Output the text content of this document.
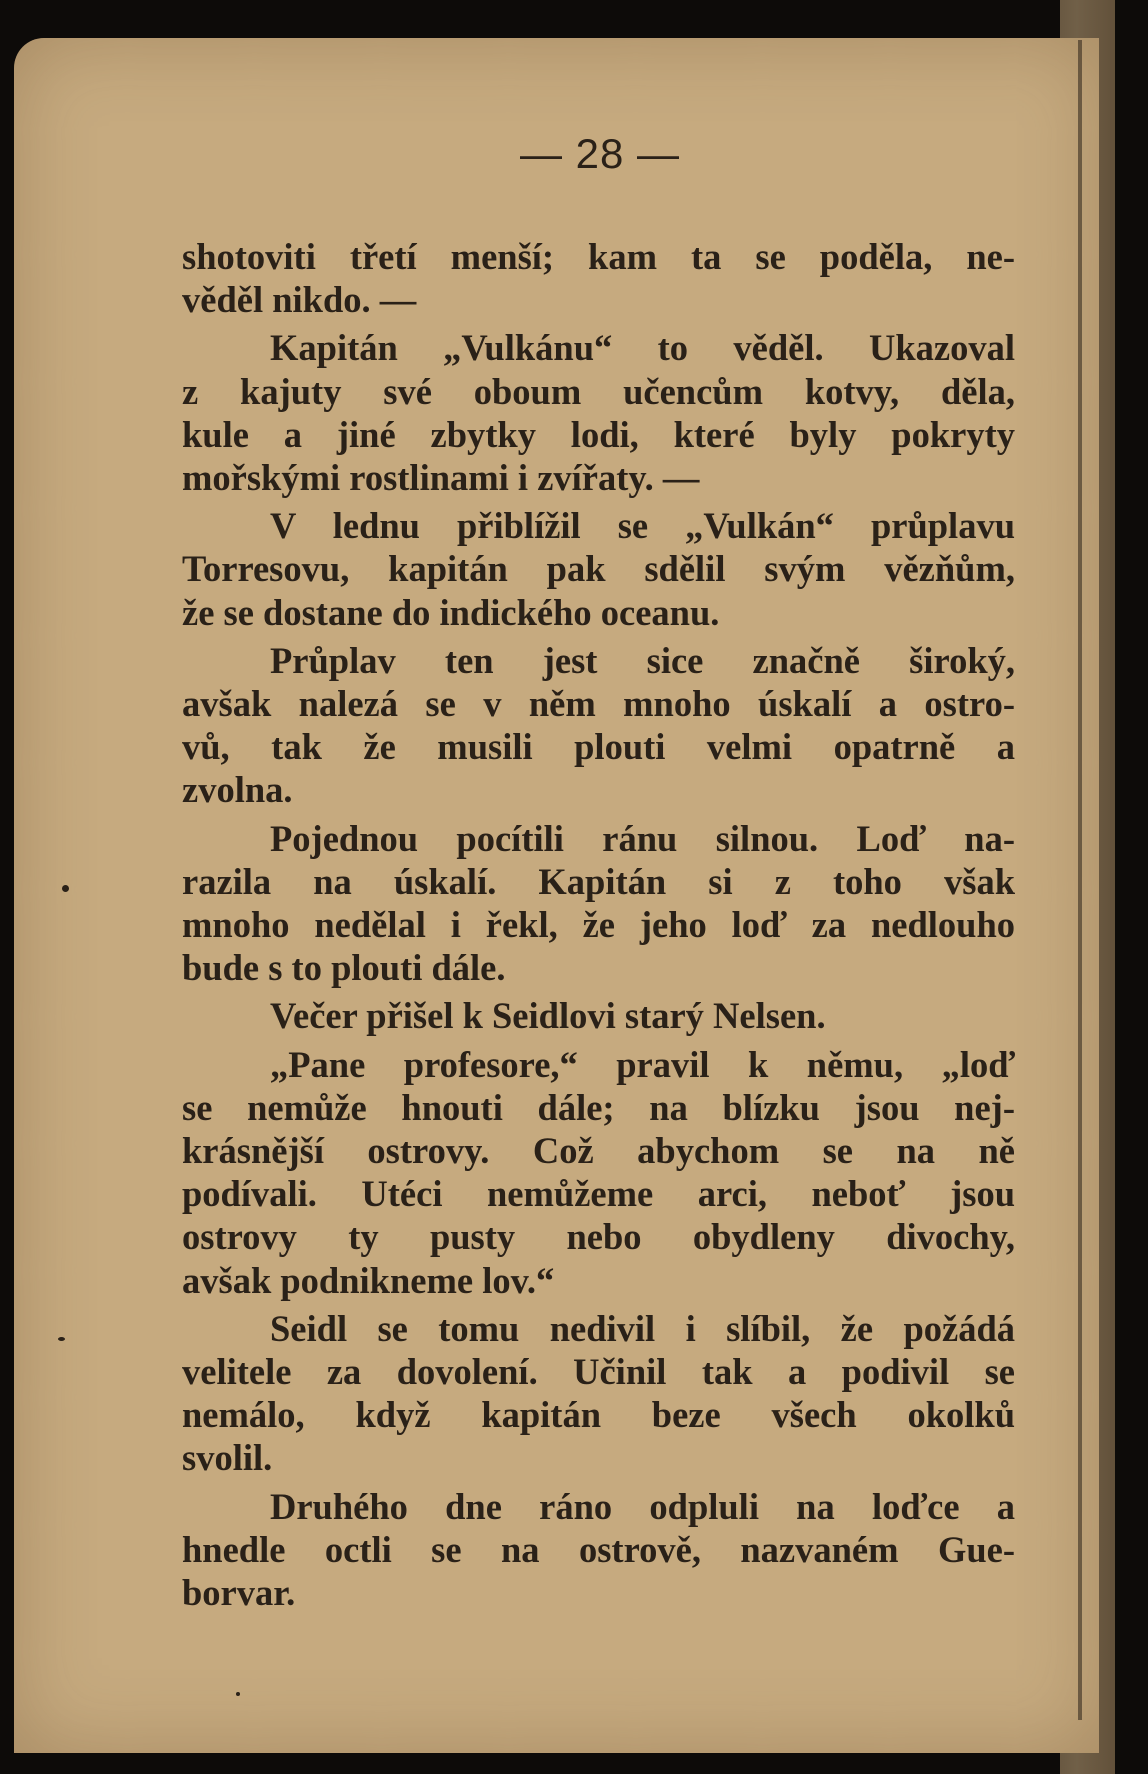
— 28 —
shotoviti třetí menší; kam ta se poděla, ne-
věděl nikdo. —
Kapitán „Vulkánu“ to věděl. Ukazoval
z kajuty své oboum učencům kotvy, děla,
kule a jiné zbytky lodi, které byly pokryty
mořskými rostlinami i zvířaty. —
V lednu přiblížil se „Vulkán“ průplavu
Torresovu, kapitán pak sdělil svým vězňům,
že se dostane do indického oceanu.
Průplav ten jest sice značně široký,
avšak nalezá se v něm mnoho úskalí a ostro-
vů, tak že musili plouti velmi opatrně a
zvolna.
Pojednou pocítili ránu silnou. Loď na-
razila na úskalí. Kapitán si z toho však
mnoho nedělal i řekl, že jeho loď za nedlouho
bude s to plouti dále.
Večer přišel k Seidlovi starý Nelsen.
„Pane profesore,“ pravil k němu, „loď
se nemůže hnouti dále; na blízku jsou nej-
krásnější ostrovy. Což abychom se na ně
podívali. Utéci nemůžeme arci, neboť jsou
ostrovy ty pusty nebo obydleny divochy,
avšak podnikneme lov.“
Seidl se tomu nedivil i slíbil, že požádá
velitele za dovolení. Učinil tak a podivil se
nemálo, když kapitán beze všech okolků
svolil.
Druhého dne ráno odpluli na loďce a
hnedle octli se na ostrově, nazvaném Gue-
borvar.
